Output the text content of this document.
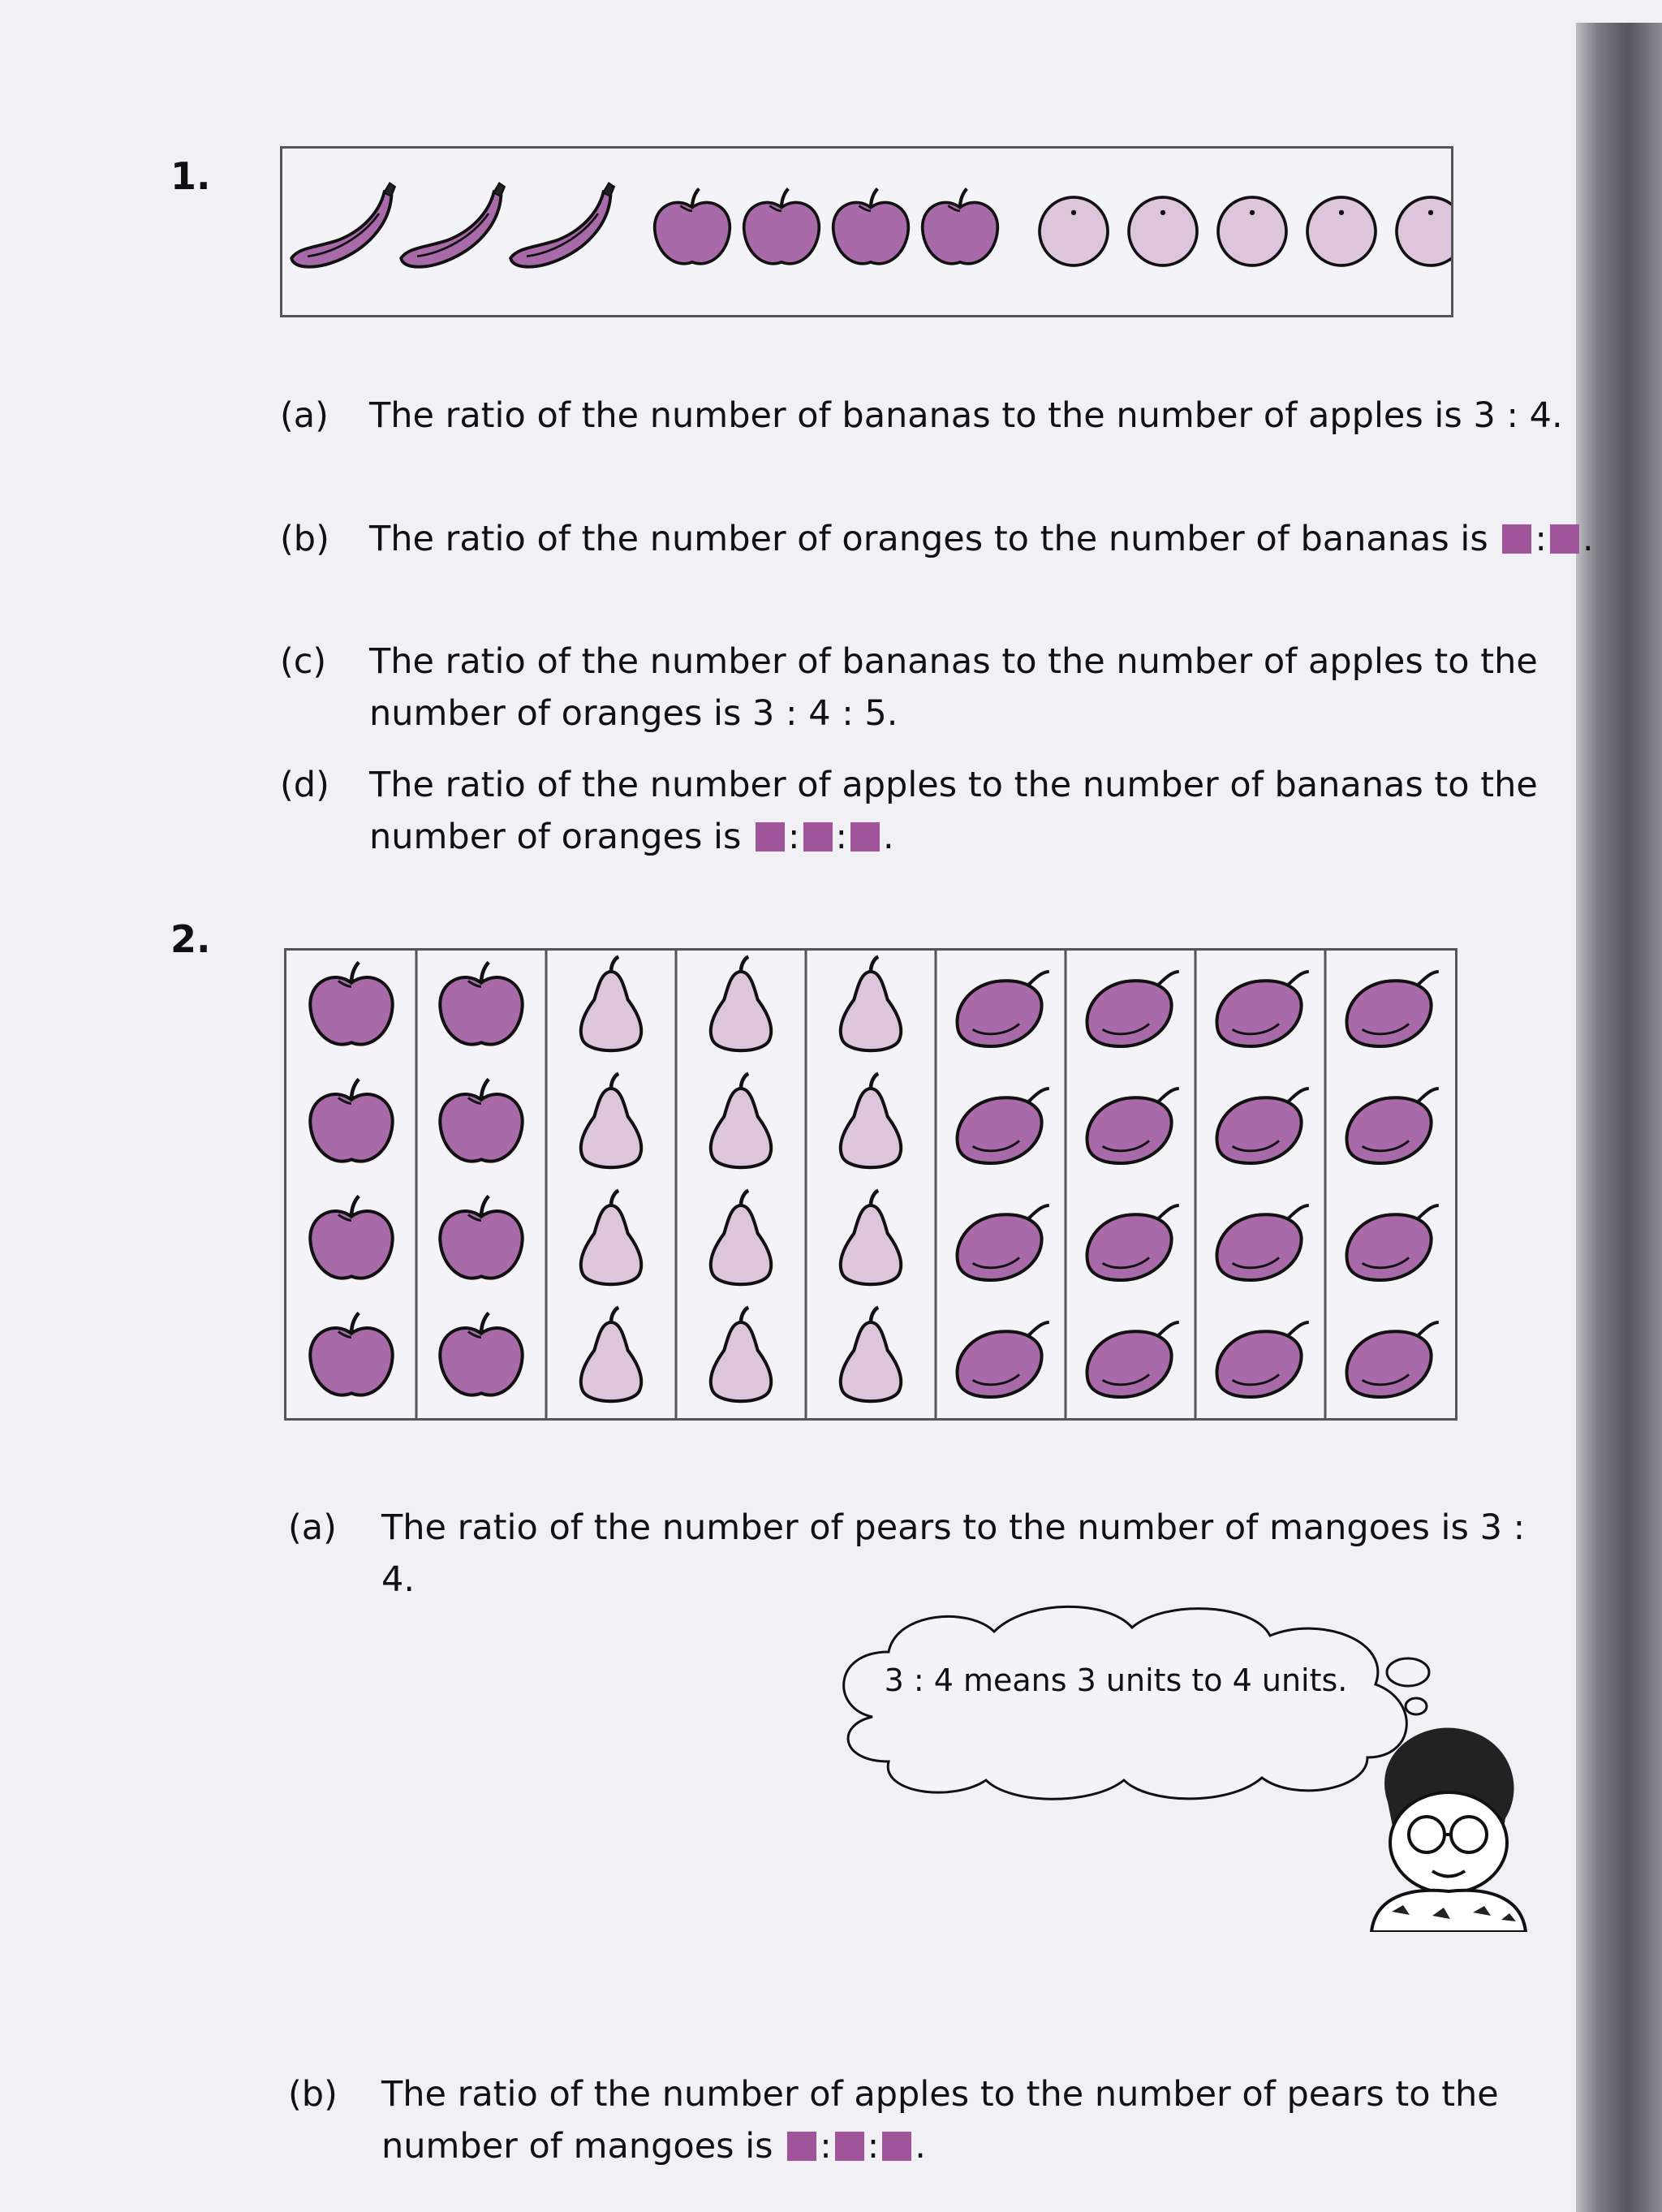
1.
(a) The ratio of the number of bananas to the number of apples is 3 : 4.
(b) The ratio of the number of oranges to the number of bananas is : .
(c) The ratio of the number of bananas to the number of apples to the number of oranges is 3 : 4 : 5.
(d) The ratio of the number of apples to the number of bananas to the number of oranges is : : .
2.
(a) The ratio of the number of pears to the number of mangoes is 3 : 4.
3 : 4 means 3 units to 4 units.
(b) The ratio of the number of apples to the number of pears to the number of mangoes is : : .
